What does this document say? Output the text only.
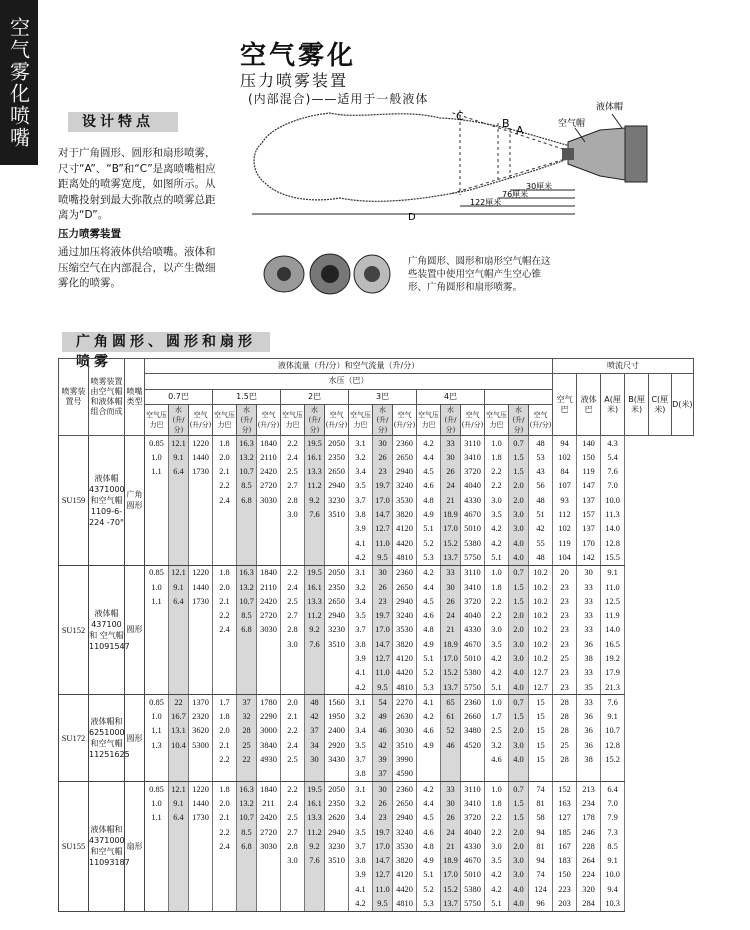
空气雾化喷嘴	空气雾化
压力喷雾装置
(内部混合)——适用于一般液体
设计特点

对于广角圆形、圆形和扇形喷雾，尺寸“A”、“B”和“C”是离喷嘴相应距离处的喷雾宽度，如图所示。从喷嘴投射到最大弥散点的喷雾总距离为“D”。

压力喷雾装置

通过加压将液体供给喷嘴。液体和压缩空气在内部混合，以产生微细雾化的喷雾。

A
B
C
空气帽
液体帽
30厘米
76厘米
122厘米
D
广角圆形、圆形和扇形空气帽在这些装置中使用空气帽产生空心锥形、广角圆形和扇形喷雾。
广角圆形、圆形和扇形喷雾
喷雾装置号	喷雾装置由空气帽和液体帽组合而成	喷嘴类型	液体流量（升/分）和空气流量（升/分）																		喷流尺寸					
			水压（巴）																		空气巴	液体巴	A(厘米)	B(厘米)	C(厘米)	D(米)
			0.7巴			1.5巴			2巴			3巴			4巴											
			空气压力巴	水(升/分)	空气(升/分)	空气压力巴	水(升/分)	空气(升/分)	空气压力巴	水(升/分)	空气(升/分)	空气压力巴	水(升/分)	空气(升/分)	空气压力巴	水(升/分)	空气(升/分)	空气压力巴	水(升/分)	空气(升/分)						
SU159	液体帽 4371000 和空气帽 1109-6-224 -70°	广角 圆形	0.85	12.1	1220	1.8	16.3	1840	2.2	19.5	2050	3.1	30	2360	4.2	33	3110	1.0	0.7	48	94	140	4.3			
			1.0	9.1	1440	2.0	13.2	2110	2.4	16.1	2350	3.2	26	2650	4.4	30	3410	1.8	1.5	53	102	150	5.4			
			1.1	6.4	1730	2.1	10.7	2420	2.5	13.3	2650	3.4	23	2940	4.5	26	3720	2.2	1.5	43	84	119	7.6			
						2.2	8.5	2720	2.7	11.2	2940	3.5	19.7	3240	4.6	24	4040	2.2	2.0	56	107	147	7.0			
						2.4	6.8	3030	2.8	9.2	3230	3.7	17.0	3530	4.8	21	4330	3.0	2.0	48	93	137	10.0			
									3.0	7.6	3510	3.8	14.7	3820	4.9	18.9	4670	3.5	3.0	51	112	157	11.3			
												3.9	12.7	4120	5.1	17.0	5010	4.2	3.0	42	102	137	14.0			
												4.1	11.0	4420	5.2	15.2	5380	4.2	4.0	55	119	170	12.8			
												4.2	9.5	4810	5.3	13.7	5750	5.1	4.0	48	104	142	15.5			
SU152	液体帽 437100和 空气帽 11091547	圆形	0.85	12.1	1220	1.8	16.3	1840	2.2	19.5	2050	3.1	30	2360	4.2	33	3110	1.0	0.7	10.2	20	30	9.1			
			1.0	9.1	1440	2.0	13.2	2110	2.4	16.1	2350	3.2	26	2650	4.4	30	3410	1.8	1.5	10.2	23	33	11.0			
			1.1	6.4	1730	2.1	10.7	2420	2.5	13.3	2650	3.4	23	2940	4.5	26	3720	2.2	1.5	10.2	23	33	12.5			
						2.2	8.5	2720	2.7	11.2	2940	3.5	19.7	3240	4.6	24	4040	2.2	2.0	10.2	23	33	11.9			
						2.4	6.8	3030	2.8	9.2	3230	3.7	17.0	3530	4.8	21	4330	3.0	2.0	10.2	23	33	14.0			
									3.0	7.6	3510	3.8	14.7	3820	4.9	18.9	4670	3.5	3.0	10.2	23	36	16.5			
												3.9	12.7	4120	5.1	17.0	5010	4.2	3.0	10.2	25	38	19.2			
												4.1	11.0	4420	5.2	15.2	5380	4.2	4.0	12.7	23	33	17.9			
												4.2	9.5	4810	5.3	13.7	5750	5.1	4.0	12.7	23	35	21.3			
SU172	液体帽和 6251000 和空气帽 11251625	圆形	0.85	22	1370	1.7	37	1780	2.0	48	1560	3.1	54	2270	4.1	65	2360	1.0	0.7	15	28	33	7.6			
			1.0	16.7	2320	1.8	32	2290	2.1	42	1950	3.2	49	2630	4.2	61	2660	1.7	1.5	15	28	36	9.1			
			1.1	13.1	3620	2.0	28	3000	2.2	37	2400	3.4	46	3030	4.6	52	3480	2.5	2.0	15	28	36	10.7			
			1.3	10.4	5300	2.1	25	3840	2.4	34	2920	3.5	42	3510	4.9	46	4520	3.2	3.0	15	25	36	12.8			
						2.2	22	4930	2.5	30	3430	3.7	39	3990				4.6	4.0	15	28	38	15.2			
												3.8	37	4590												
SU155	液体帽和 4371000 和空气帽 11093187	扇形	0.85	12.1	1220	1.8	16.3	1840	2.2	19.5	2050	3.1	30	2360	4.2	33	3110	1.0	0.7	74	152	213	6.4			
			1.0	9.1	1440	2.0	13.2	211	2.4	16.1	2350	3.2	26	2650	4.4	30	3410	1.8	1.5	81	163	234	7.0			
			1.1	6.4	1730	2.1	10.7	2420	2.5	13.3	2620	3.4	23	2940	4.5	26	3720	2.2	1.5	58	127	178	7.9			
						2.2	8.5	2720	2.7	11.2	2940	3.5	19.7	3240	4.6	24	4040	2.2	2.0	94	185	246	7.3			
						2.4	6.8	3030	2.8	9.2	3230	3.7	17.0	3530	4.8	21	4330	3.0	2.0	81	167	228	8.5			
									3.0	7.6	3510	3.8	14.7	3820	4.9	18.9	4670	3.5	3.0	94	183	264	9.1			
												3.9	12.7	4120	5.1	17.0	5010	4.2	3.0	74	150	224	10.0			
												4.1	11.0	4420	5.2	15.2	5380	4.2	4.0	124	223	320	9.4			
												4.2	9.5	4810	5.3	13.7	5750	5.1	4.0	96	203	284	10.3			
